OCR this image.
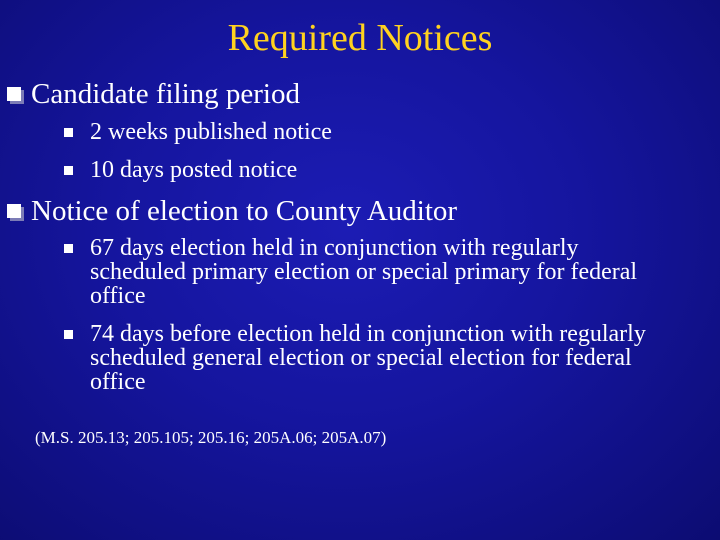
Required Notices
Candidate filing period
2 weeks published notice
10 days posted notice
Notice of election to County Auditor
67 days election held in conjunction with regularly scheduled primary election or special primary for federal office
74 days before election held in conjunction with regularly scheduled general election or special election for federal office
(M.S. 205.13; 205.105; 205.16; 205A.06; 205A.07)
